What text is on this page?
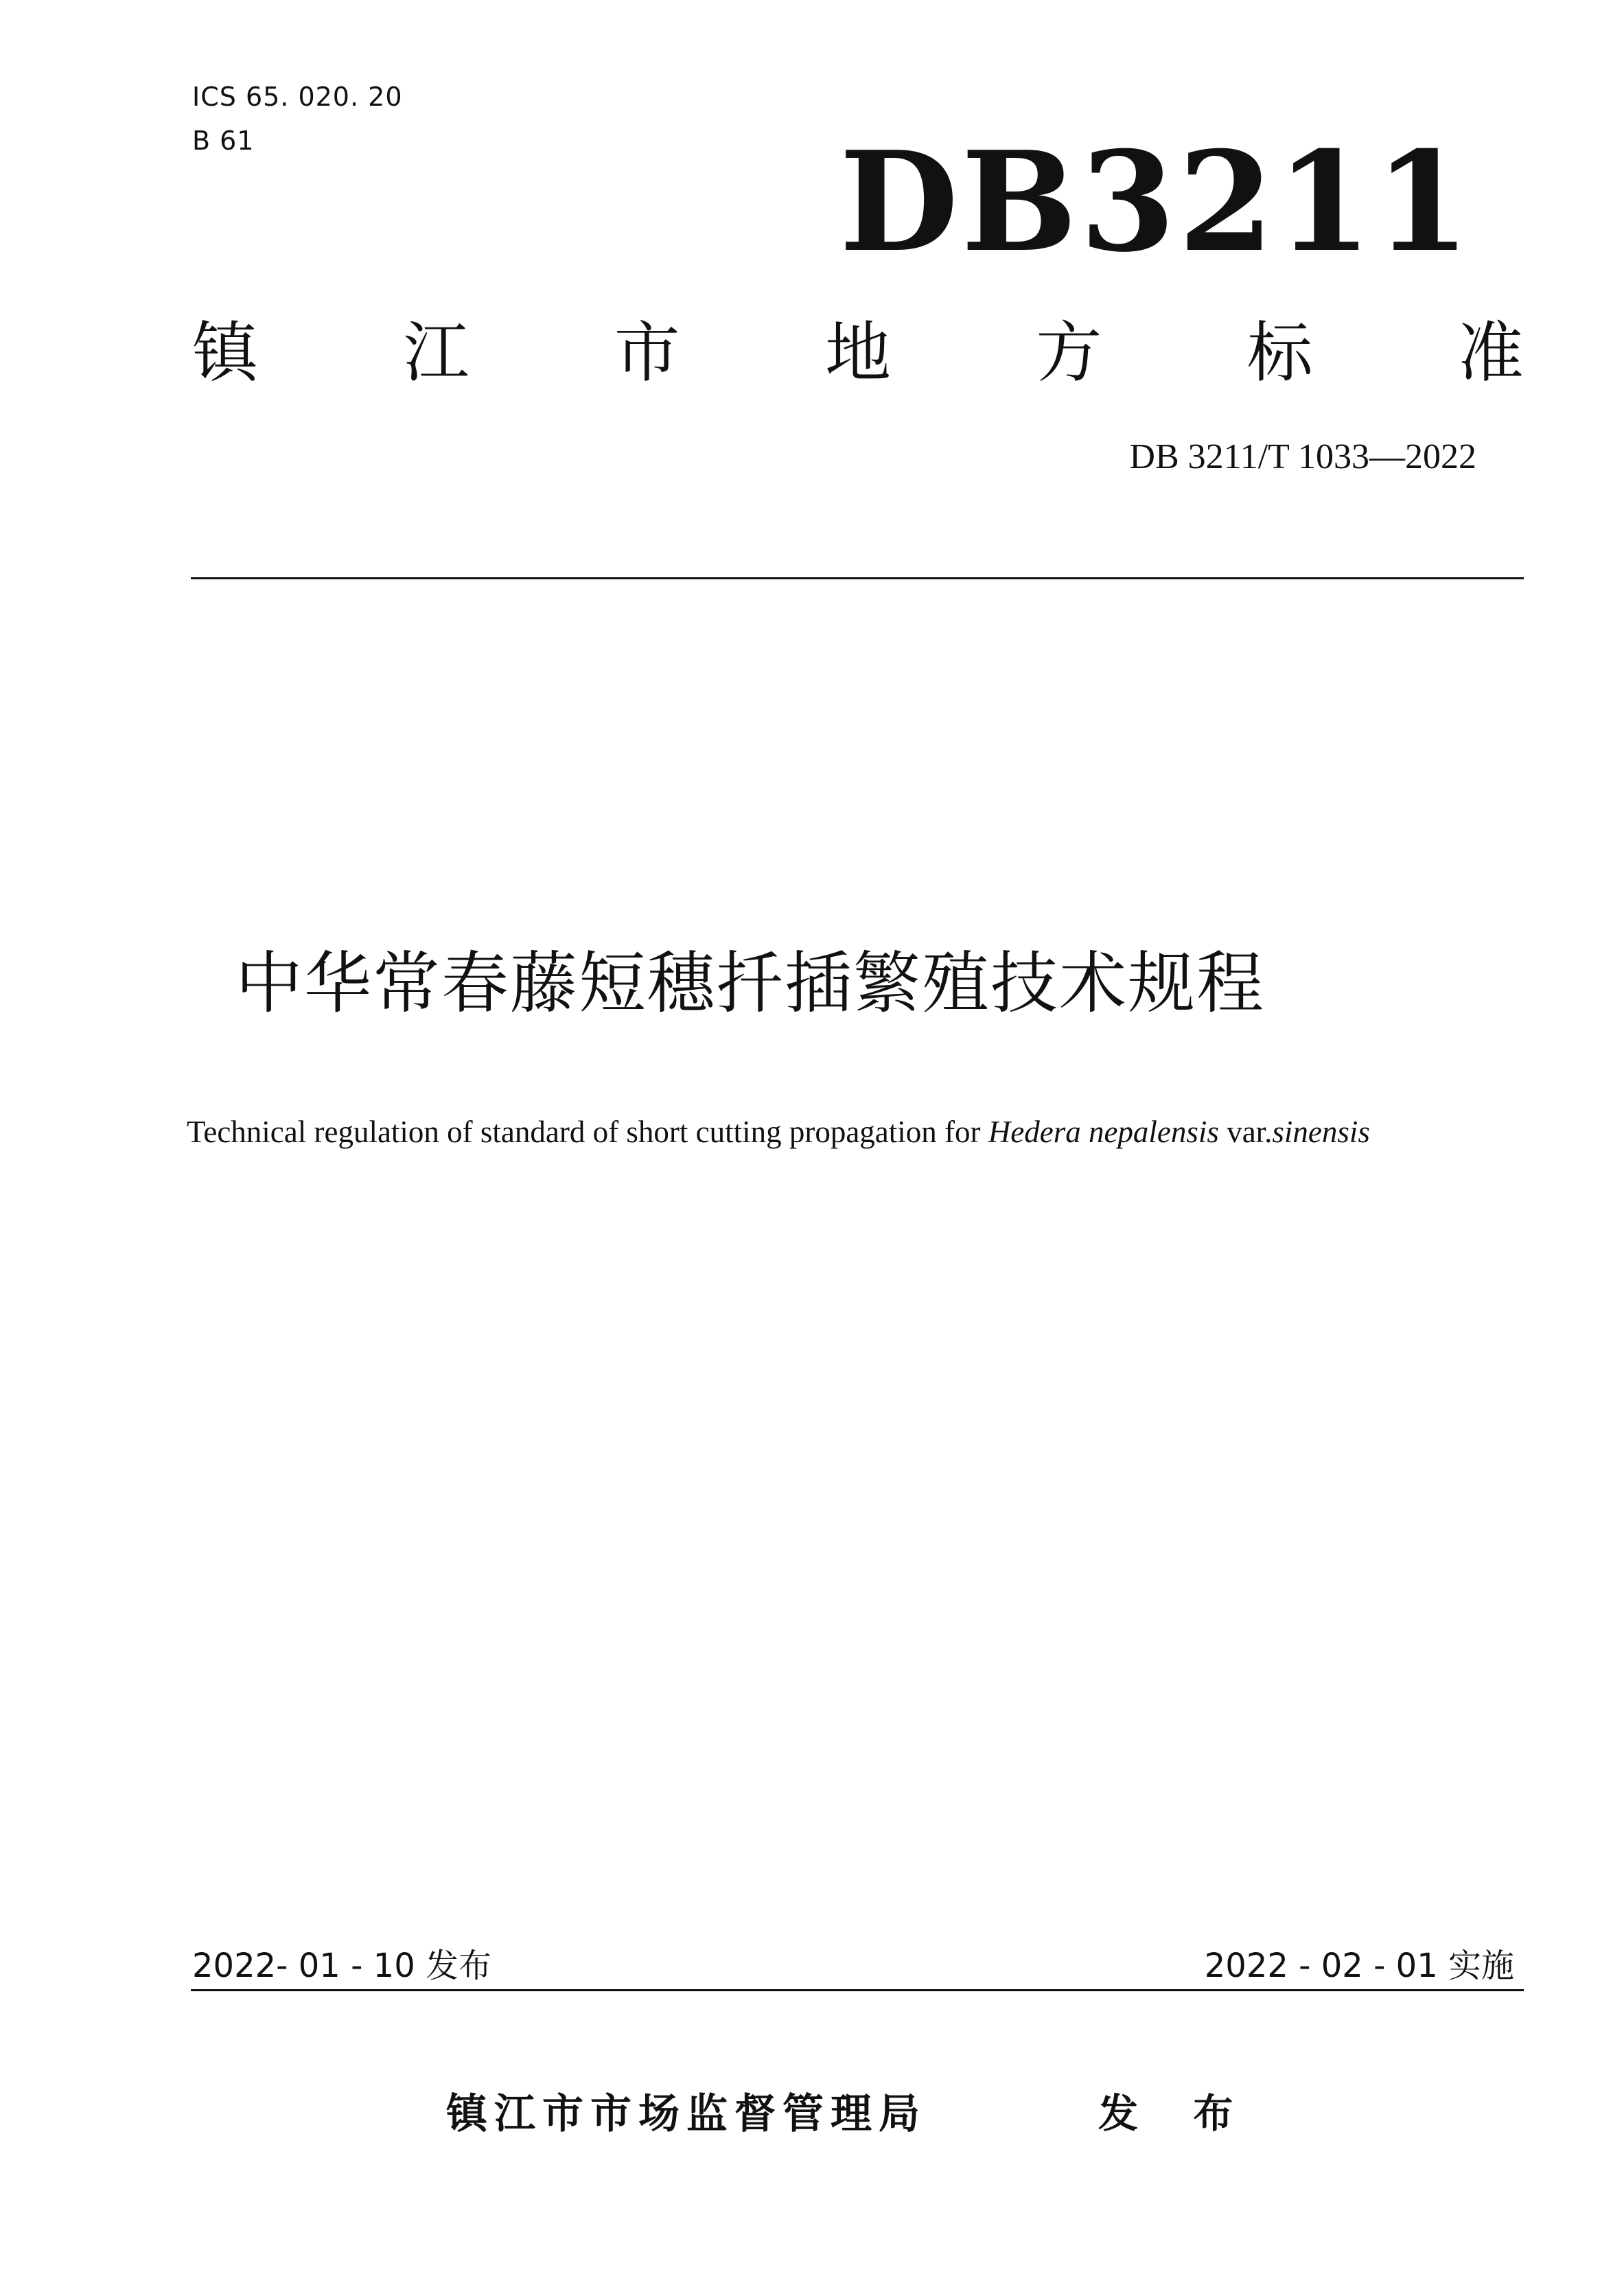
ICS 65. 020. 20
B 61	DB3211
镇 江 市 地 方 标 准
DB 3211/T 1033—2022
中华常春藤短穗扦插繁殖技术规程
Technical regulation of standard of short cutting propagation for Hedera nepalensis var.sinensis
2022- 01 - 10 发布	2022 - 02 - 01 实施
镇江市市场监督管理局	发 布
